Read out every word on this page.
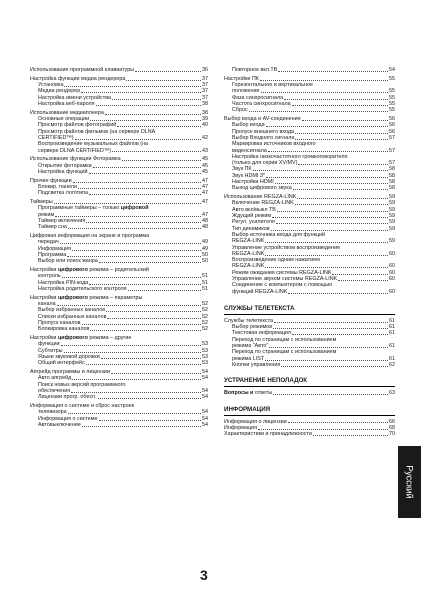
Использование программной клавиатуры	36
Настройка функции медиа рендерера	37
Установка	37
Медиа рендерер	37
Настройка имени устройства	37
Настройка веб-пароля	38
Использование медиаплеера	38
Основные операции	39
Просмотр файлов фотографий	40
Просмотр файлов фильмов (на сервере DLNA
CERTIFIED™)	42
Воспроизведение музыкальных файлов (на
сервере DLNA CERTIFIED™)	43
Использование функции Фоторамка	45
Открытие фоторамки	45
Настройка функций	45
Прочие функции	47
Блокир. панели	47
Подсветка логотипа	47
Таймеры	47
Программные таймеры – только цифровой
режим	47
Таймер включения	48
Таймер сна	48
Цифровая информация на экране и программа
передач	49
Информация	49
Программа	50
Выбор или поиск жанра	50
Настройки цифрового режима – родительский
контроль	51
Настройка PIN-кода	51
Настройка родительского контроля	51
Настройки цифрового режима – параметры
канала	52
Выбор избранных каналов	52
Списки избранных каналов	52
Пропуск каналов	52
Блокировка каналов	52
Настройки цифрового режима – другие
функции	53
Субтитры	53
Языки звуковой дорожки	53
Общий интерфейс	53
Апгрейд программы и лицензии	54
Авто апгрейд	54
Поиск новых версий программного
обеспечения	54
Лицензии прогр. обесп.	54
Информация о системе и сброс настроек
телевизора	54
Информация о системе	54
Автовыключение	54
Повторное вкл.ТВ	54
Настройки ПК	55
Горизонтальное и вертикальное
положение	55
Фаза синхросигнала	55
Частота синхросигнала	55
Сброс	55
Выбор входа и AV-соединения	56
Выбор входа	56
Пропуск внешнего входа	56
Выбор Входного сигнала	57
Маркировка источников входного
видеосигнала	57
Настройка низкочастотного громкоговорителя
(только для серии XV/MV)	57
Звук ПК	58
Звук HDMI 3*	58
Настройки HDMI	58
Выход цифрового звука	58
Использование REGZA-LINK	59
Включение REGZA-LINK	59
Авто вкл/выкл ТВ	59
Ждущий режим	59
Регул. усилителя	59
Тип динамиков	59
Выбор источника входа для функций
REGZA-LINK	59
Управление устройством воспроизведение
REGZA-LINK	60
Воспроизведение одним нажатием
REGZA-LINK	60
Режим ожидания системы REGZA-LINK	60
Управление звуком системы REGZA-LINK	60
Соединение с компьютером с помощью
функций REGZA-LINK	60
СЛУЖБЫ ТЕЛЕТЕКСТА
Службы телетекста	61
Выбор режимов	61
Текстовая информация	61
Переход по страницам с использованием
режима "Авто"	61
Переход по страницам с использованием
режима LIST	61
Кнопки управления	62
УСТРАНЕНИЕ НЕПОЛАДОК
Вопросы и ответы	63
ИНФОРМАЦИЯ
Информация о лицензии	66
Информация	68
Характеристики и принадлежности	70
3
Русский
